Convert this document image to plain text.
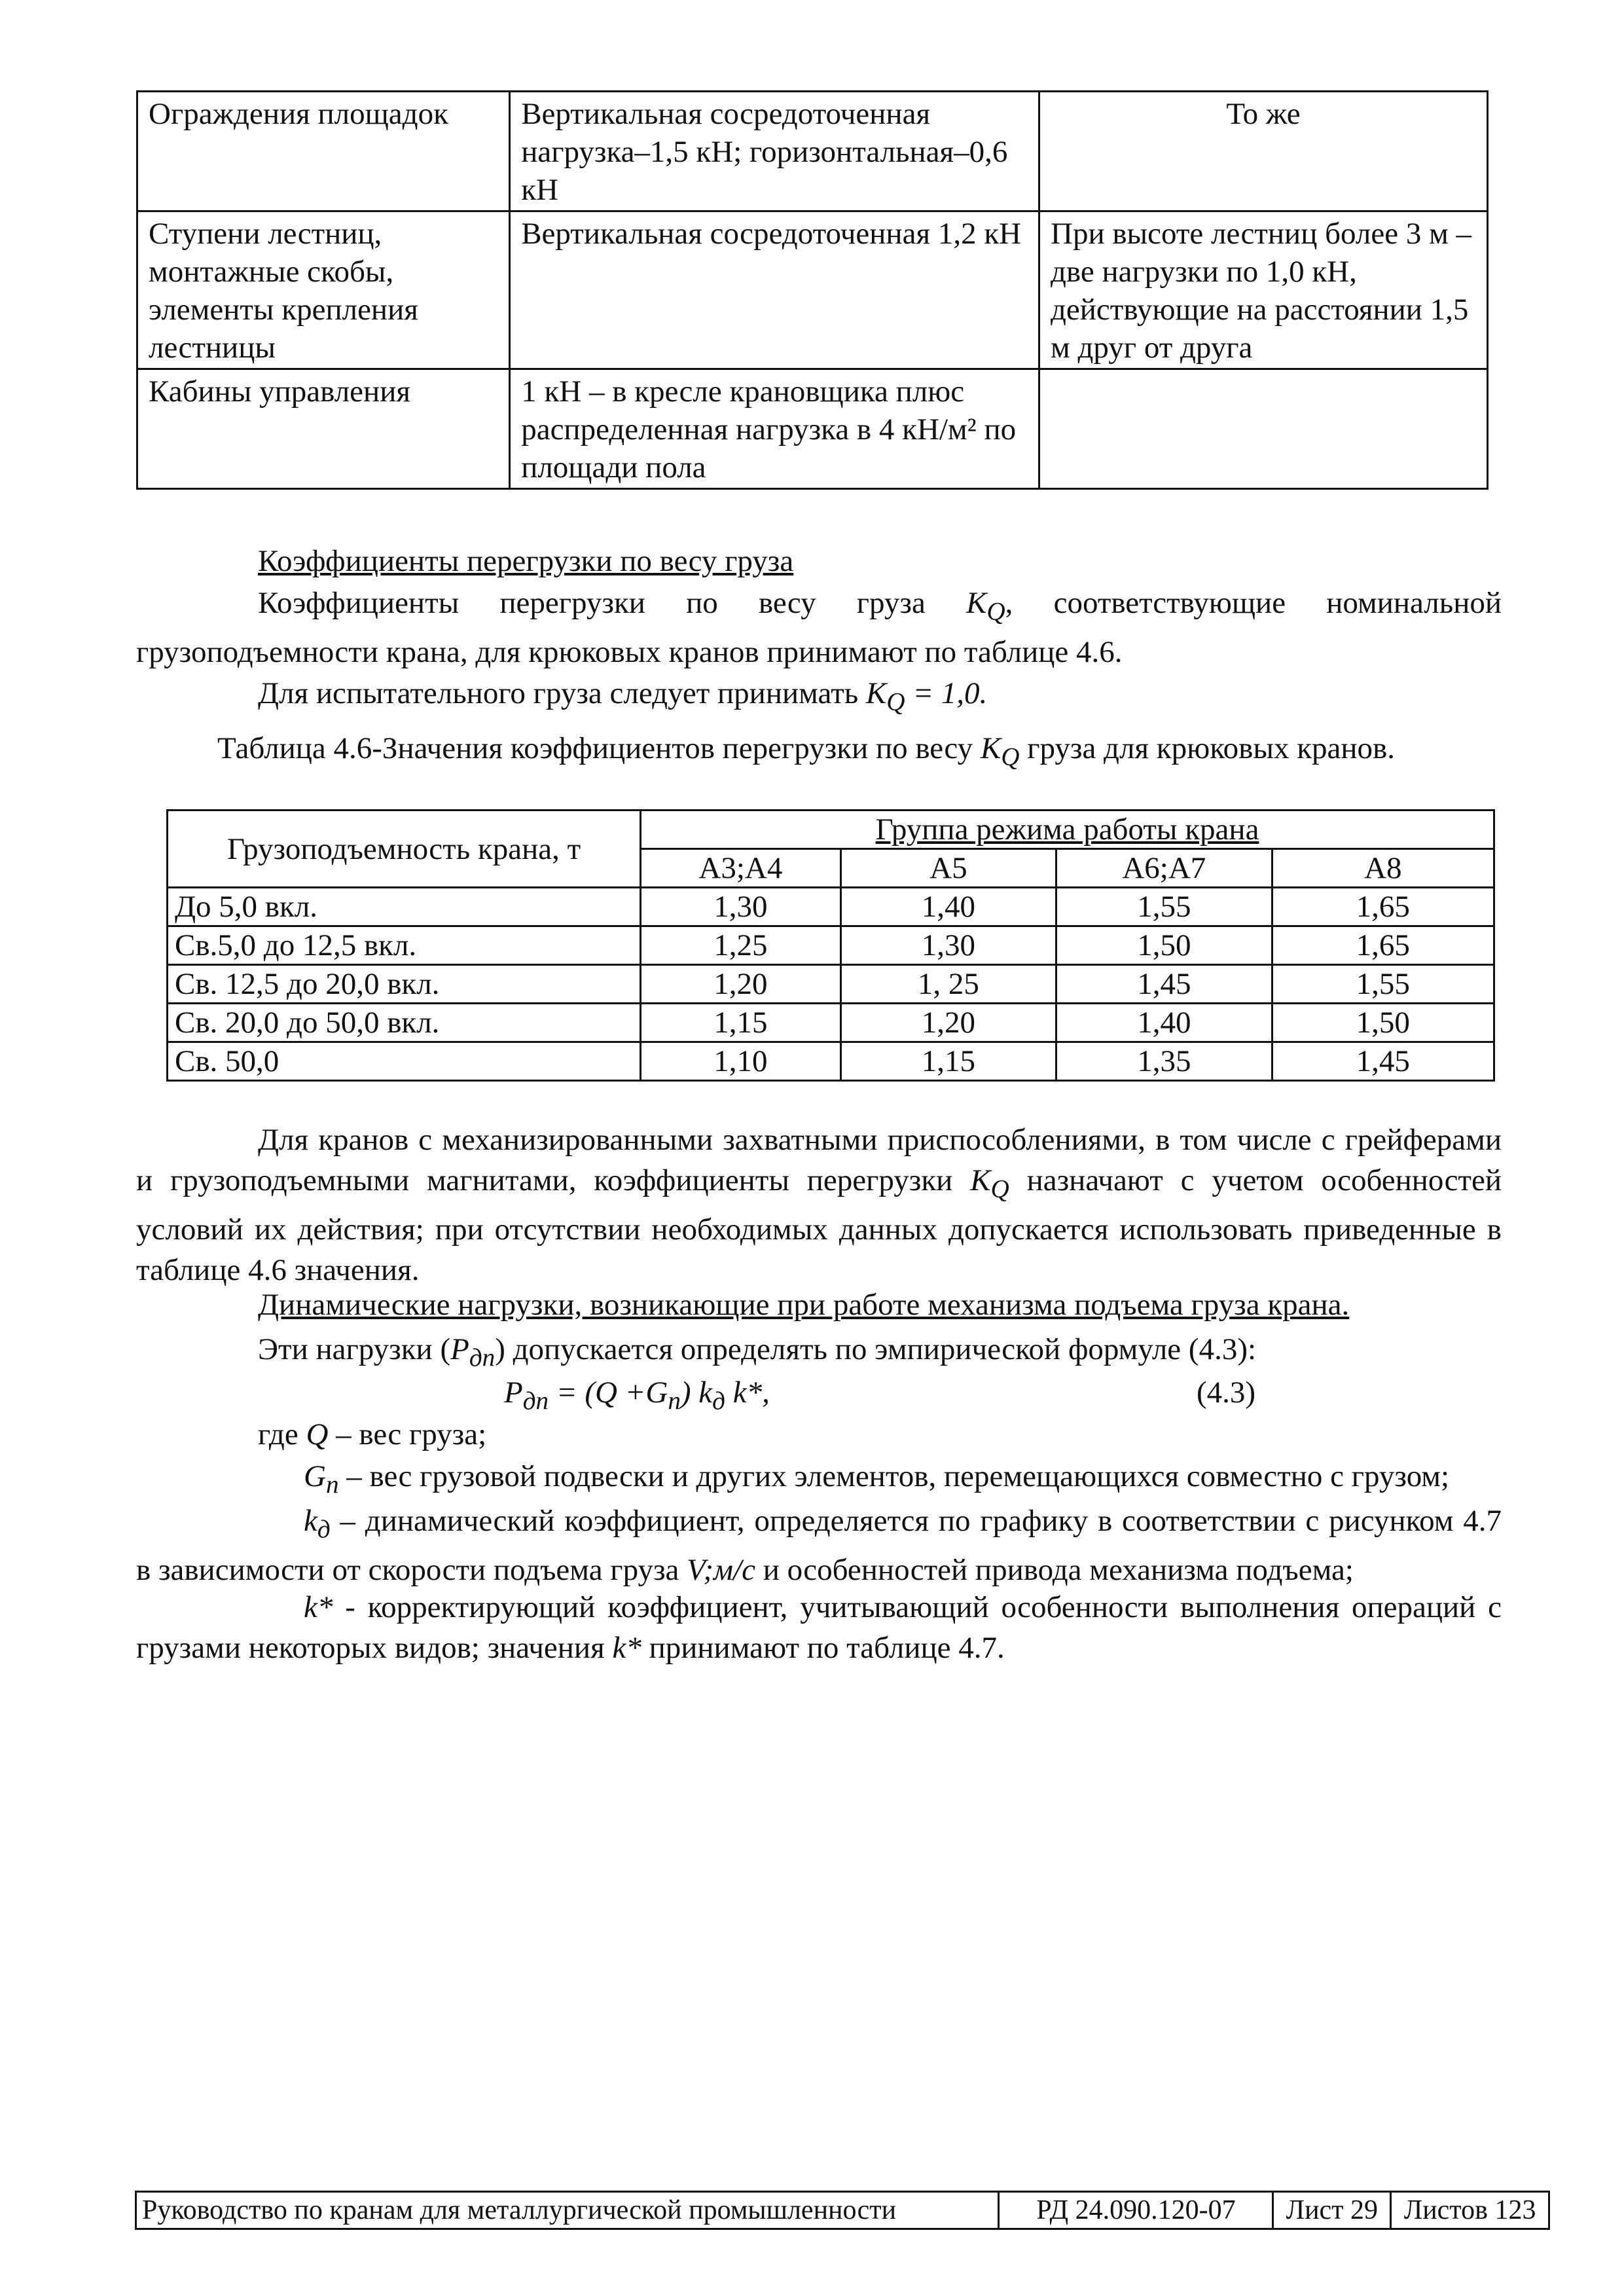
Ограждения площадок	Вертикальная сосредоточенная нагрузка–1,5 кН; горизонтальная–0,6 кН	То же
Ступени лестниц, монтажные скобы, элементы крепления лестницы	Вертикальная сосредоточенная 1,2 кН	При высоте лестниц более 3 м – две нагрузки по 1,0 кН, действующие на расстоянии 1,5 м друг от друга
Кабины управления	1 кН – в кресле крановщика плюс распределенная нагрузка в 4 кН/м² по площади пола	
Коэффициенты перегрузки по весу груза
Коэффициенты перегрузки по весу груза $K_Q$, соответствующие номинальной грузоподъемности крана, для крюковых кранов принимают по таблице 4.6.
Для испытательного груза следует принимать $K_Q = 1,0$.
Таблица 4.6-Значения коэффициентов перегрузки по весу $K_Q$ груза для крюковых кранов.
Грузоподъемность крана, т	Группа режима работы крана			
	А3;А4	А5	А6;А7	А8
До 5,0 вкл.	1,30	1,40	1,55	1,65
Св.5,0 до 12,5 вкл.	1,25	1,30	1,50	1,65
Св. 12,5 до 20,0 вкл.	1,20	1, 25	1,45	1,55
Св. 20,0 до 50,0 вкл.	1,15	1,20	1,40	1,50
Св. 50,0	1,10	1,15	1,35	1,45
Для кранов с механизированными захватными приспособлениями, в том числе с грейферами и грузоподъемными магнитами, коэффициенты перегрузки $K_Q$ назначают с учетом особенностей условий их действия; при отсутствии необходимых данных допускается использовать приведенные в таблице 4.6 значения.
Динамические нагрузки, возникающие при работе механизма подъема груза крана.
Эти нагрузки $(P_{дп})$ допускается определять по эмпирической формуле (4.3):
$P_{дп} = (Q +G_п)$ $k_д$ k*,	(4.3)
где Q – вес груза;
$G_п$ – вес грузовой подвески и других элементов, перемещающихся совместно с грузом;
$k_д$ – динамический коэффициент, определяется по графику в соответствии с рисунком 4.7 в зависимости от скорости подъема груза V;м/с и особенностей привода механизма подъема;
k* - корректирующий коэффициент, учитывающий особенности выполнения операций с грузами некоторых видов; значения k* принимают по таблице 4.7.
Руководство по кранам для металлургической промышленности	РД 24.090.120-07	Лист 29	Листов 123
